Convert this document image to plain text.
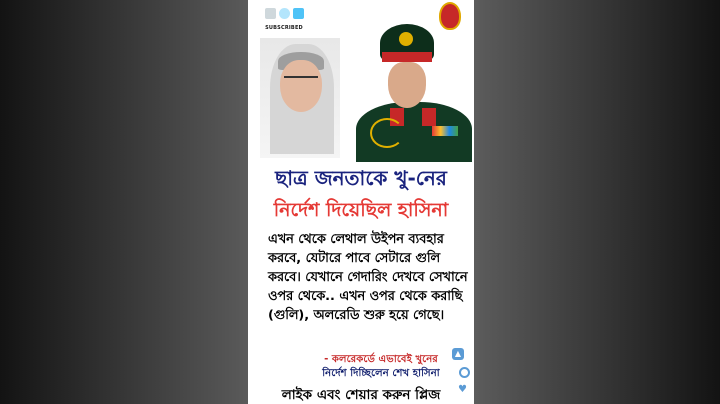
SUBSCRIBED
ছাত্র জনতাকে খু-নের
নির্দেশ দিয়েছিল হাসিনা
এখন থেকে লেথাল উইপন ব্যবহার করবে, যেটারে পাবে সেটারে গুলি করবে। যেখানে গেদারিং দেখবে সেখানে ওপর থেকে.. এখন ওপর থেকে করাছি (গুলি), অলরেডি শুরু হয়ে গেছে।
- কলরেকর্ডে এভাবেই খুনের
নির্দেশ দিচ্ছিলেন শেখ হাসিনা
▲
♥
লাইক এবং শেয়ার করুন প্লিজ
